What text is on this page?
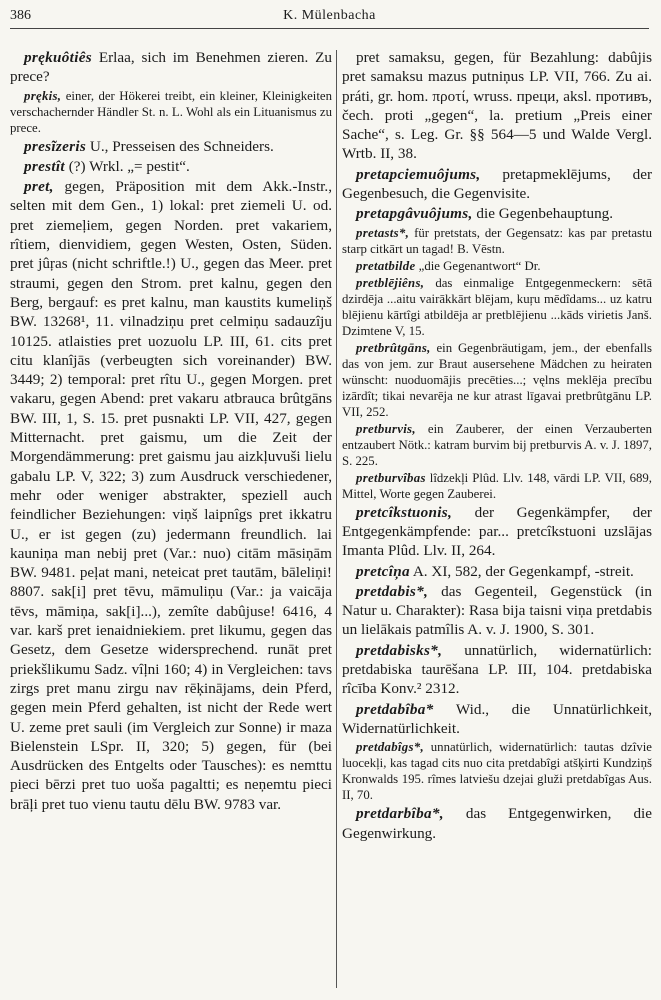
386	K. Mülenbacha

prękuôtiês Erlaa, sich im Benehmen zieren. Zu prece?

prękis, einer, der Hökerei treibt, ein kleiner, Kleinigkeiten verschachernder Händler St. n. L. Wohl als ein Lituanismus zu prece.

presĩzeris U., Presseisen des Schneiders.

prestît (?) Wrkl. „= pestit“.

pret, gegen, Präposition mit dem Akk.-Instr., selten mit dem Gen., 1) lokal: pret ziemeli U. od. pret ziemeļiem, gegen Norden. pret vakariem, rîtiem, dienvidiem, gegen Westen, Osten, Süden. pret jûŗas (nicht schriftle.!) U., gegen das Meer. pret straumi, gegen den Strom. pret kalnu, gegen den Berg, bergauf: es pret kalnu, man kaustits kumeliņš BW. 13268¹, 11. vilnadziņu pret celmiņu sadauzîju 10125. atlaisties pret uozuolu LP. III, 61. cits pret citu klanîjās (verbeugten sich voreinander) BW. 3449; 2) temporal: pret rîtu U., gegen Morgen. pret vakaru, gegen Abend: pret vakaru atbrauca brûtgāns BW. III, 1, S. 15. pret pusnakti LP. VII, 427, gegen Mitternacht. pret gaismu, um die Zeit der Morgendämmerung: pret gaismu jau aizkļuvuši lielu gabalu LP. V, 322; 3) zum Ausdruck verschiedener, mehr oder weniger abstrakter, speziell auch feindlicher Beziehungen: viņš laipnîgs pret ikkatru U., er ist gegen (zu) jedermann freundlich. lai kauniņa man nebij pret (Var.: nuo) citām māsiņām BW. 9481. peļat mani, neteicat pret tautām, bāleliņi! 8807. sak[i] pret tēvu, māmuliņu (Var.: ja vaicāja tēvs, māmiņa, sak[i]...), zemîte dabûjuse! 6416, 4 var. karš pret ienaidniekiem. pret likumu, gegen das Gesetz, dem Gesetze widersprechend. runāt pret priekšlikumu Sadz. vîļni 160; 4) in Vergleichen: tavs zirgs pret manu zirgu nav rēķinājams, dein Pferd, gegen mein Pferd gehalten, ist nicht der Rede wert U. zeme pret sauli (im Vergleich zur Sonne) ir maza Bielenstein LSpr. II, 320; 5) gegen, für (bei Ausdrücken des Entgelts oder Tausches): es nemttu pieci bērzi pret tuo uoša pagaltti; es neņemtu pieci brāļi pret tuo vienu tautu dēlu BW. 9783 var.

pret samaksu, gegen, für Bezahlung: dabûjis pret samaksu mazus putniņus LP. VII, 766. Zu ai. práti, gr. hom. προτί, wruss. преци, aksl. противъ, čech. proti „gegen“, la. pretium „Preis einer Sache“, s. Leg. Gr. §§ 564—5 und Walde Vergl. Wrtb. II, 38.

pretapciemuôjums, pretapmeklējums, der Gegenbesuch, die Gegenvisite.

pretapgâvuôjums, die Gegenbehauptung.

pretasts*, für pretstats, der Gegensatz: kas par pretastu starp citkārt un tagad! B. Vēstn.

pretatbilde „die Gegenantwort“ Dr.

pretblējiêns, das einmalige Entgegenmeckern: sētā dzirdēja ...aitu vairākkārt blējam, kuŗu mēdîdams... uz katru blējienu kārtîgi atbildēja ar pretblējienu ...kāds virietis Janš. Dzimtene V, 15.

pretbrûtgāns, ein Gegenbräutigam, jem., der ebenfalls das von jem. zur Braut ausersehene Mädchen zu heiraten wünscht: nuoduomājis precēties...; vęlns meklēja precību izārdît; tikai nevarēja ne kur atrast līgavai pretbrûtgānu LP. VII, 252.

pretburvis, ein Zauberer, der einen Verzauberten entzaubert Nötk.: katram burvim bij pretburvis A. v. J. 1897, S. 225.

pretburvîbas lîdzekļi Plûd. Llv. 148, vārdi LP. VII, 689, Mittel, Worte gegen Zauberei.

pretcîkstuonis, der Gegenkämpfer, der Entgegenkämpfende: par... pretcîkstuoni uzslājas Imanta Plûd. Llv. II, 264.

pretcîņa A. XI, 582, der Gegenkampf, -streit.

pretdabis*, das Gegenteil, Gegenstück (in Natur u. Charakter): Rasa bija taisni viņa pretdabis un lielākais patmîlis A. v. J. 1900, S. 301.

pretdabisks*, unnatürlich, widernatürlich: pretdabiska taurēšana LP. III, 104. pretdabiska rîcība Konv.² 2312.

pretdabîba* Wid., die Unnatürlichkeit, Widernatürlichkeit.

pretdabîgs*, unnatürlich, widernatürlich: tautas dzîvie luocekļi, kas tagad cits nuo cita pretdabîgi atšķirti Kundziņš Kronwalds 195. rîmes latviešu dzejai gluži pretdabîgas Aus. II, 70.

pretdarbîba*, das Entgegenwirken, die Gegenwirkung.
